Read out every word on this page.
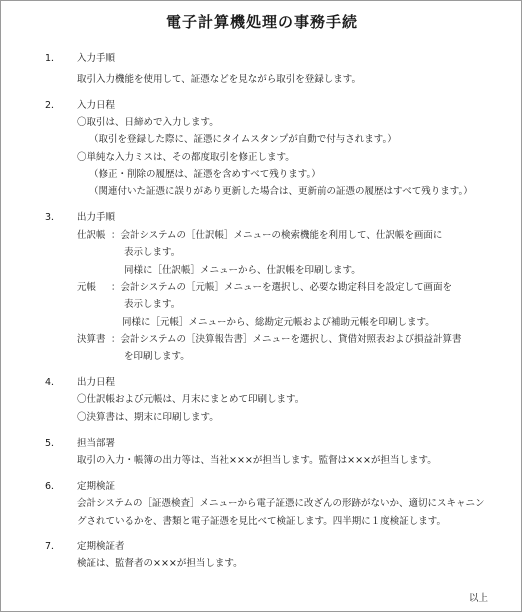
電子計算機処理の事務手続
1． 入力手順
取引入力機能を使用して、証憑などを見ながら取引を登録します。
2． 入力日程
〇取引は、日締めで入力します。
（取引を登録した際に、証憑にタイムスタンプが自動で付与されます。）
〇単純な入力ミスは、その都度取引を修正します。
（修正・削除の履歴は、証憑を含めすべて残ります。）
（関連付いた証憑に誤りがあり更新した場合は、更新前の証憑の履歴はすべて残ります。）
3． 出力手順
仕訳帳 ：会計システムの［仕訳帳］メニューの検索機能を利用して、仕訳帳を画面に
表示します。
同様に［仕訳帳］メニューから、仕訳帳を印刷します。
元帳 ：会計システムの［元帳］メニューを選択し、必要な勘定科目を設定して画面を
表示します。
同様に［元帳］メニューから、総勘定元帳および補助元帳を印刷します。
決算書 ：会計システムの［決算報告書］メニューを選択し、貸借対照表および損益計算書
を印刷します。
4． 出力日程
〇仕訳帳および元帳は、月末にまとめて印刷します。
〇決算書は、期末に印刷します。
5． 担当部署
取引の入力・帳簿の出力等は、当社×××が担当します。監督は×××が担当します。
6． 定期検証
会計システムの［証憑検査］メニューから電子証憑に改ざんの形跡がないか、適切にスキャニン
グされているかを、書類と電子証憑を見比べて検証します。四半期に１度検証します。
7． 定期検証者
検証は、監督者の×××が担当します。
以上
